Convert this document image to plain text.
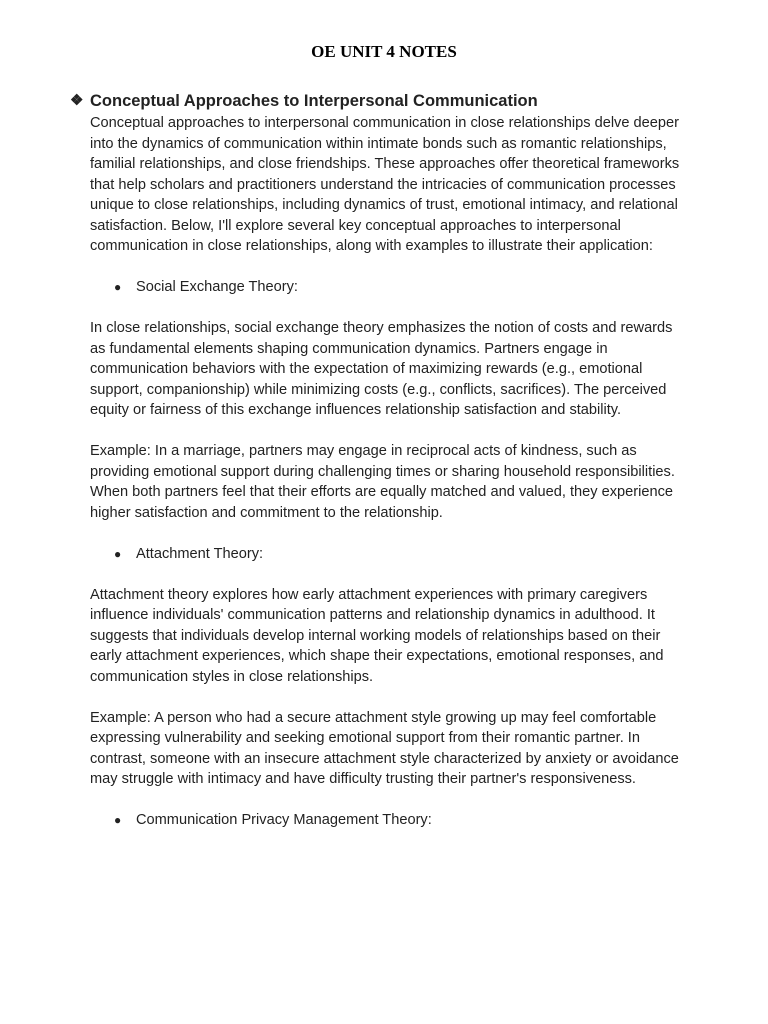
OE UNIT 4 NOTES
❖ Conceptual Approaches to Interpersonal Communication

Conceptual approaches to interpersonal communication in close relationships delve deeper into the dynamics of communication within intimate bonds such as romantic relationships, familial relationships, and close friendships. These approaches offer theoretical frameworks that help scholars and practitioners understand the intricacies of communication processes unique to close relationships, including dynamics of trust, emotional intimacy, and relational satisfaction. Below, I'll explore several key conceptual approaches to interpersonal communication in close relationships, along with examples to illustrate their application:

●	Social Exchange Theory:

In close relationships, social exchange theory emphasizes the notion of costs and rewards as fundamental elements shaping communication dynamics. Partners engage in communication behaviors with the expectation of maximizing rewards (e.g., emotional support, companionship) while minimizing costs (e.g., conflicts, sacrifices). The perceived equity or fairness of this exchange influences relationship satisfaction and stability.

Example: In a marriage, partners may engage in reciprocal acts of kindness, such as providing emotional support during challenging times or sharing household responsibilities. When both partners feel that their efforts are equally matched and valued, they experience higher satisfaction and commitment to the relationship.

●	Attachment Theory:

Attachment theory explores how early attachment experiences with primary caregivers influence individuals' communication patterns and relationship dynamics in adulthood. It suggests that individuals develop internal working models of relationships based on their early attachment experiences, which shape their expectations, emotional responses, and communication styles in close relationships.

Example: A person who had a secure attachment style growing up may feel comfortable expressing vulnerability and seeking emotional support from their romantic partner. In contrast, someone with an insecure attachment style characterized by anxiety or avoidance may struggle with intimacy and have difficulty trusting their partner's responsiveness.

●	Communication Privacy Management Theory:
